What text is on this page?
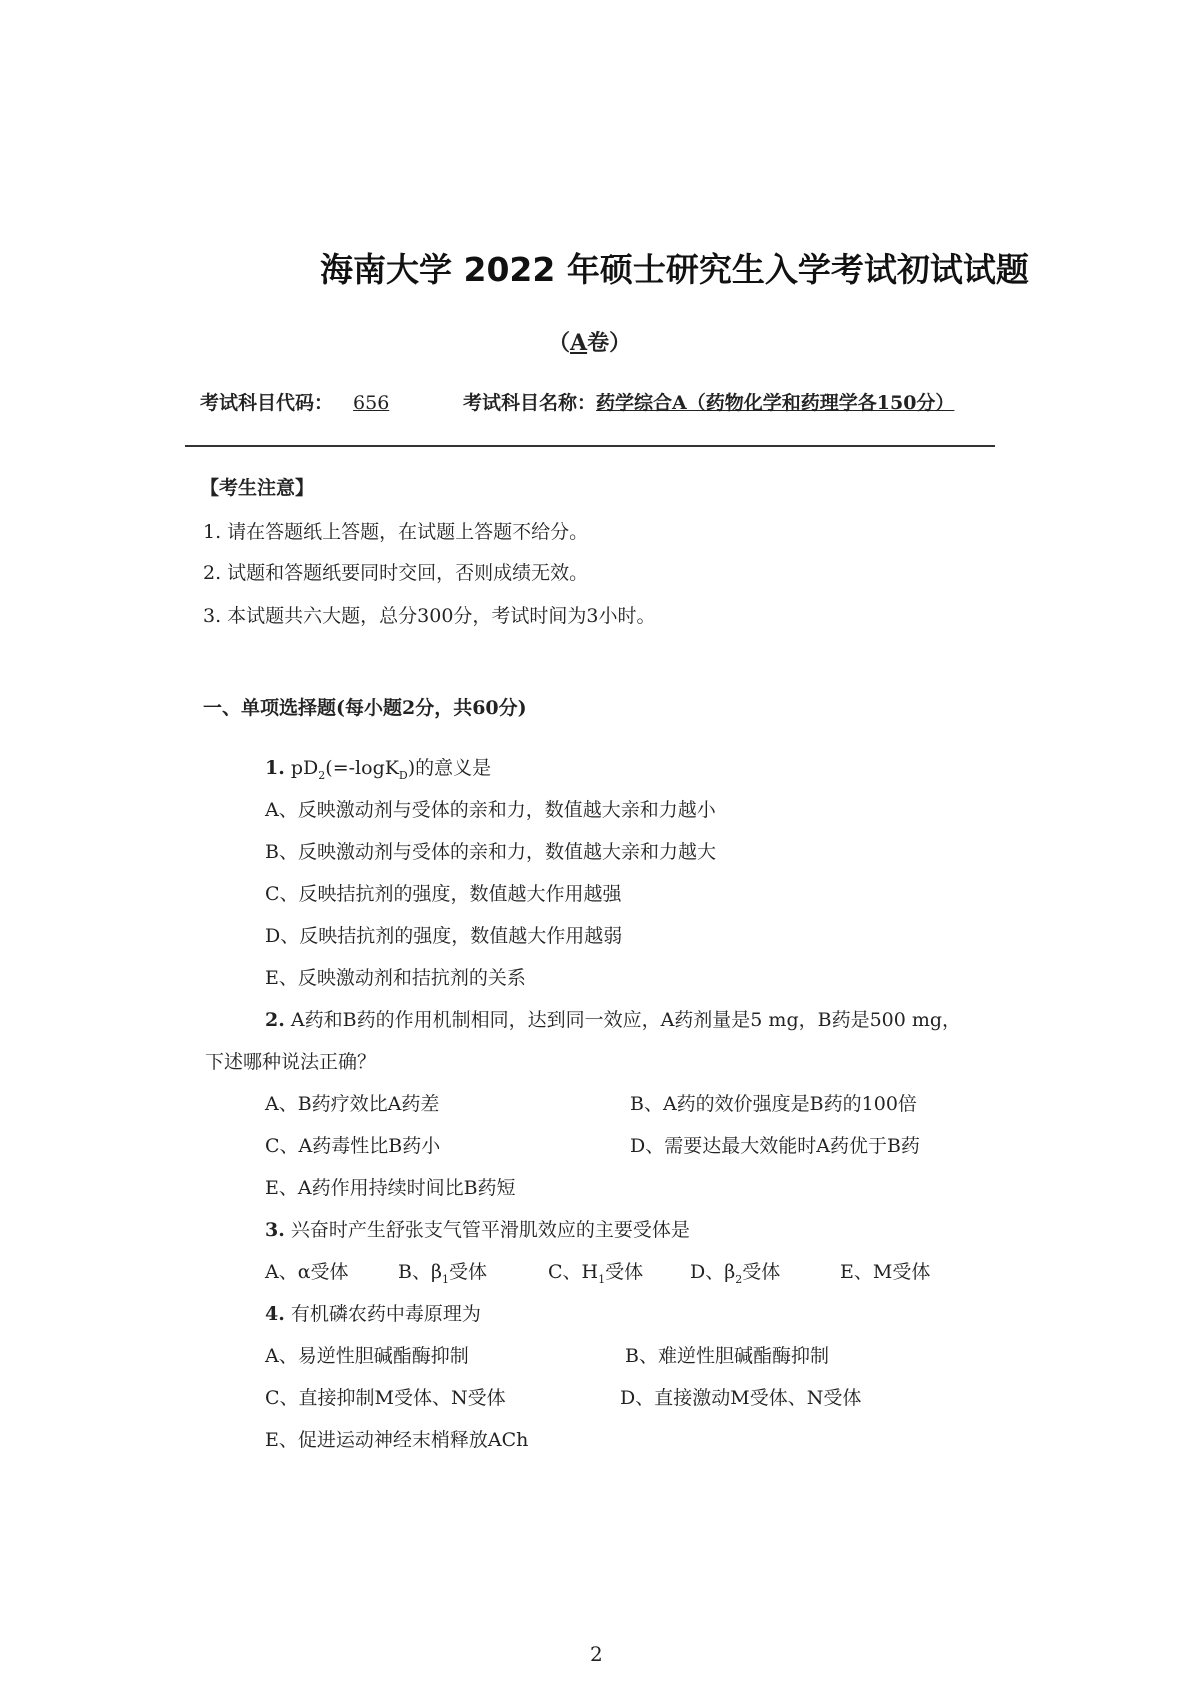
海南大学 2022 年硕士研究生入学考试初试试题
（A卷）
考试科目代码： 656	考试科目名称：药学综合A（药物化学和药理学各150分）
【考生注意】
1. 请在答题纸上答题，在试题上答题不给分。
2. 试题和答题纸要同时交回，否则成绩无效。
3. 本试题共六大题，总分300分，考试时间为3小时。
一、单项选择题(每小题2分，共60分)
1. $pD_2(=-\log K_D)$的意义是
A、反映激动剂与受体的亲和力，数值越大亲和力越小
B、反映激动剂与受体的亲和力，数值越大亲和力越大
C、反映拮抗剂的强度，数值越大作用越强
D、反映拮抗剂的强度，数值越大作用越弱
E、反映激动剂和拮抗剂的关系
2. A药和B药的作用机制相同，达到同一效应，A药剂量是5 mg，B药是500 mg，
下述哪种说法正确？
A、B药疗效比A药差	B、A药的效价强度是B药的100倍
C、A药毒性比B药小	D、需要达最大效能时A药优于B药
E、A药作用持续时间比B药短
3. 兴奋时产生舒张支气管平滑肌效应的主要受体是
A、α受体	B、$\beta_1$受体	C、$H_1$受体 D、$\beta_2$受体	E、M受体
4. 有机磷农药中毒原理为
A、易逆性胆碱酯酶抑制	B、难逆性胆碱酯酶抑制
C、直接抑制M受体、N受体	D、直接激动M受体、N受体
E、促进运动神经末梢释放ACh
2
